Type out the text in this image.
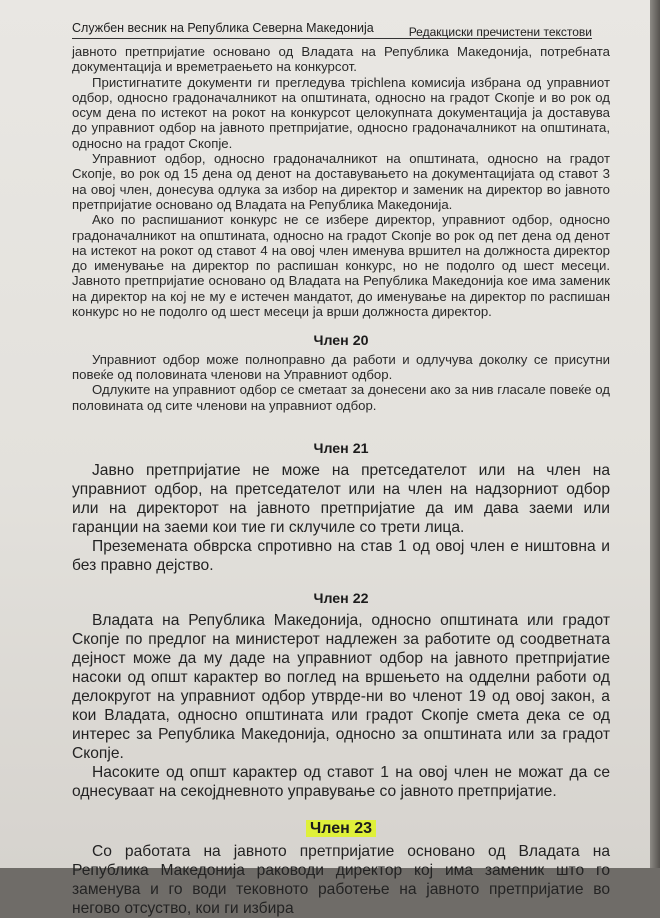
Службен весник на Република Северна Македонија	Редакциски пречистени текстови

јавното претпријатие основано од Владата на Република Македонија, потребната документација и времетраењето на конкурсот.

Пристигнатите документи ги прегледува трichlena комисија избрана од управниот одбор, односно градоначалникот на општината, односно на градот Скопје и во рок од осум дена по истекот на рокот на конкурсот целокупната документација ја доставува до управниот одбор на јавното претпријатие, односно градоначалникот на општината, односно на градот Скопје.

Управниот одбор, односно градоначалникот на општината, односно на градот Скопје, во рок од 15 дена од денот на доставувањето на документацијата од ставот 3 на овој член, донесува одлука за избор на директор и заменик на директор во јавното претпријатие основано од Владата на Република Македонија.

Ако по распишаниот конкурс не се избере директор, управниот одбор, односно градоначалникот на општината, односно на градот Скопје во рок од пет дена од денот на истекот на рокот од ставот 4 на овој член именува вршител на должноста директор до именување на директор по распишан конкурс, но не подолго од шест месеци. Јавното претпријатие основано од Владата на Република Македонија кое има заменик на директор на кој не му е истечен мандатот, до именување на директор по распишан конкурс но не подолго од шест месеци ја врши должноста директор.

Член 20

Управниот одбор може полноправно да работи и одлучува доколку се присутни повеќе од половината членови на Управниот одбор.

Одлуките на управниот одбор се сметаат за донесени ако за нив гласале повеќе од половината од сите членови на управниот одбор.

Член 21

Јавно претпријатие не може на претседателот или на член на управниот одбор, на претседателот или на член на надзорниот одбор или на директорот на јавното претпријатие да им дава заеми или гаранции на заеми кои тие ги склучиле со трети лица.

Преземената обврска спротивно на став 1 од овој член е ништовна и без правно дејство.

Член 22

Владата на Република Македонија, односно општината или градот Скопје по предлог на министерот надлежен за работите од соодветната дејност може да му даде на управниот одбор на јавното претпријатие насоки од општ карактер во поглед на вршењето на одделни работи од делокругот на управниот одбор утврде-ни во членот 19 од овој закон, а кои Владата, односно општината или градот Скопје смета дека се од интерес за Република Македонија, односно за општината или за градот Скопје.

Насоките од општ карактер од ставот 1 на овој член не можат да се однесуваат на секојдневното управување со јавното претпријатие.

Член 23

Со работата на јавното претпријатие основано од Владата на Република Македонија раководи директор кој има заменик што го заменува и го води тековното работење на јавното претпријатие во негово отсуство, кои ги избира
